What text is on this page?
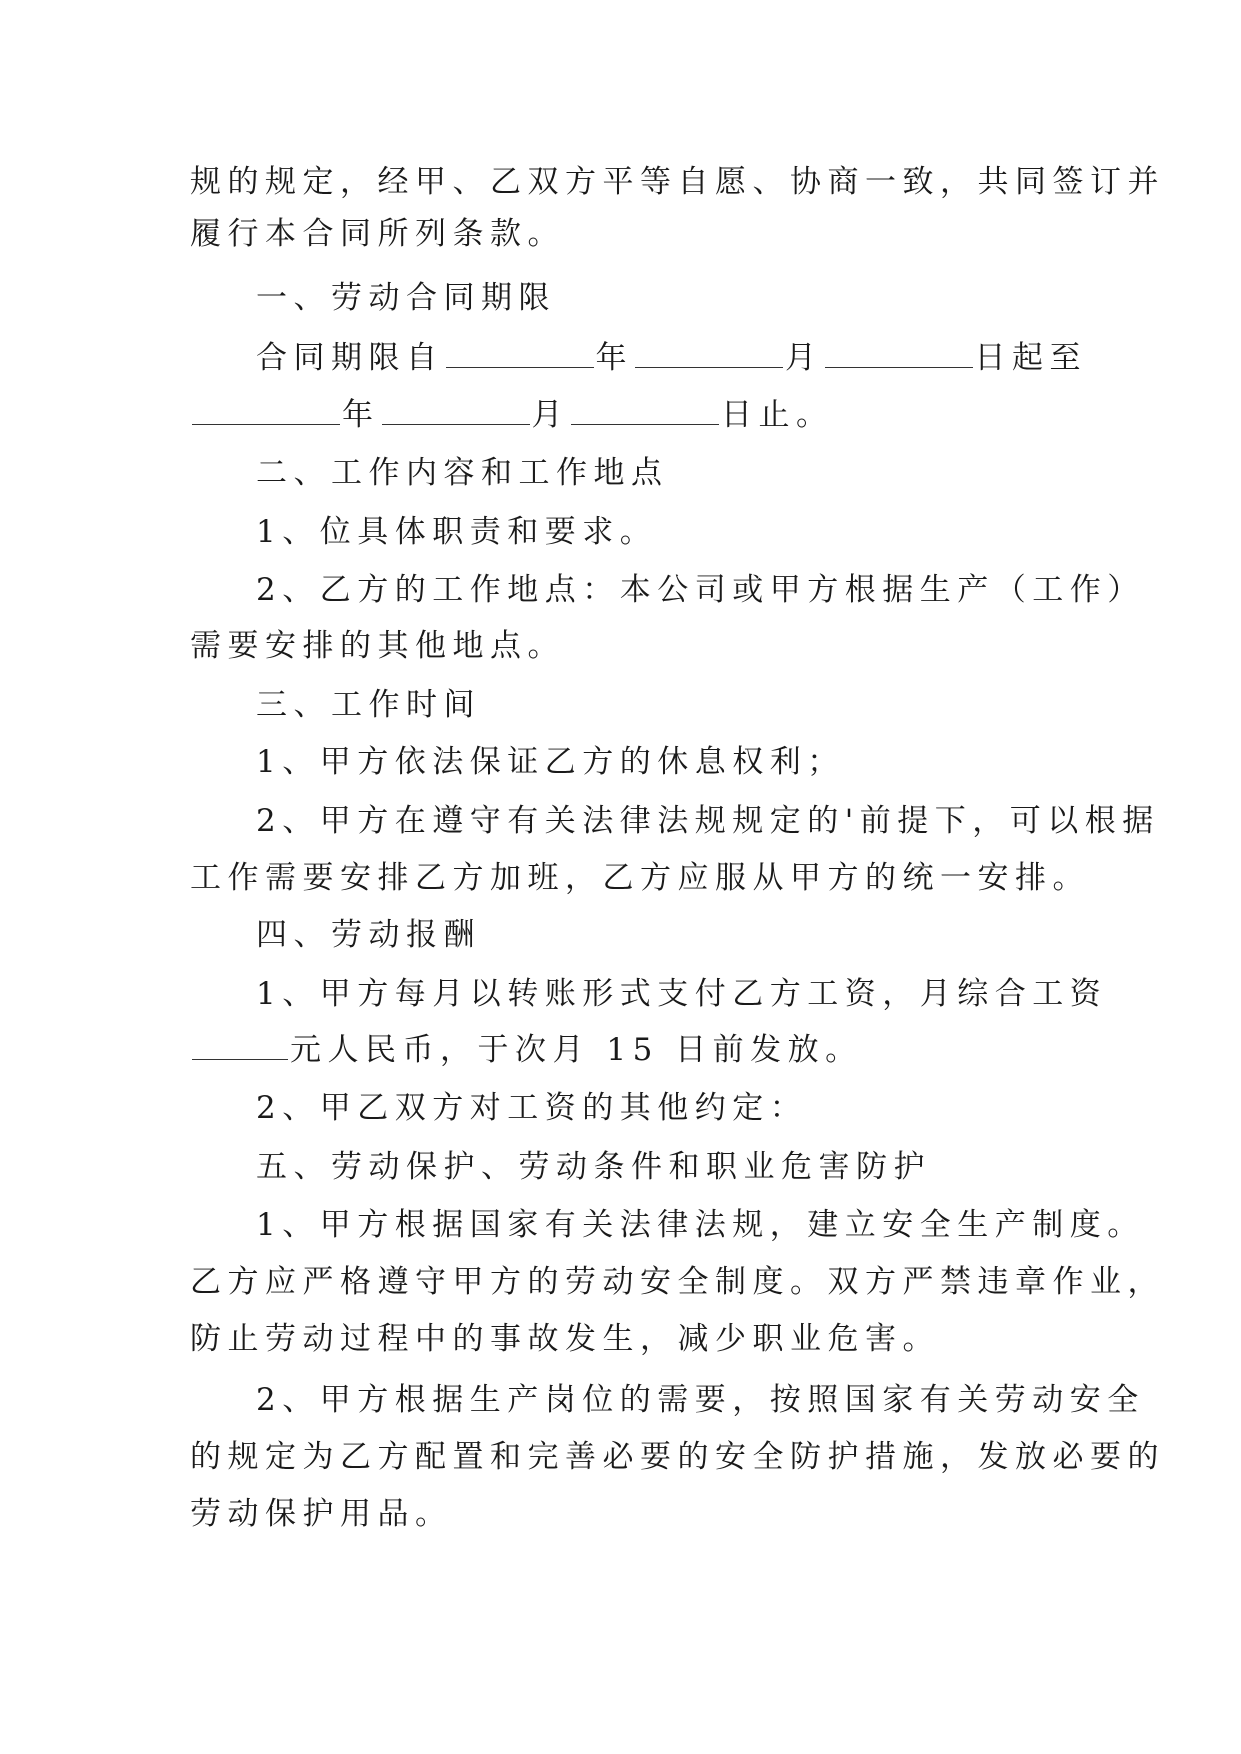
规的规定，经甲、乙双方平等自愿、协商一致，共同签订并
履行本合同所列条款。
一、劳动合同期限
合同期限自	年	月	日起至
年	月	日止。
二、工作内容和工作地点
1、位具体职责和要求。
2、乙方的工作地点：本公司或甲方根据生产（工作）
需要安排的其他地点。
三、工作时间
1、甲方依法保证乙方的休息权利；
2、甲方在遵守有关法律法规规定的'前提下，可以根据
工作需要安排乙方加班，乙方应服从甲方的统一安排。
四、劳动报酬
1、甲方每月以转账形式支付乙方工资，月综合工资
元人民币，于次月 15 日前发放。
2、甲乙双方对工资的其他约定：
五、劳动保护、劳动条件和职业危害防护
1、甲方根据国家有关法律法规，建立安全生产制度。
乙方应严格遵守甲方的劳动安全制度。双方严禁违章作业，
防止劳动过程中的事故发生，减少职业危害。
2、甲方根据生产岗位的需要，按照国家有关劳动安全
的规定为乙方配置和完善必要的安全防护措施，发放必要的
劳动保护用品。
